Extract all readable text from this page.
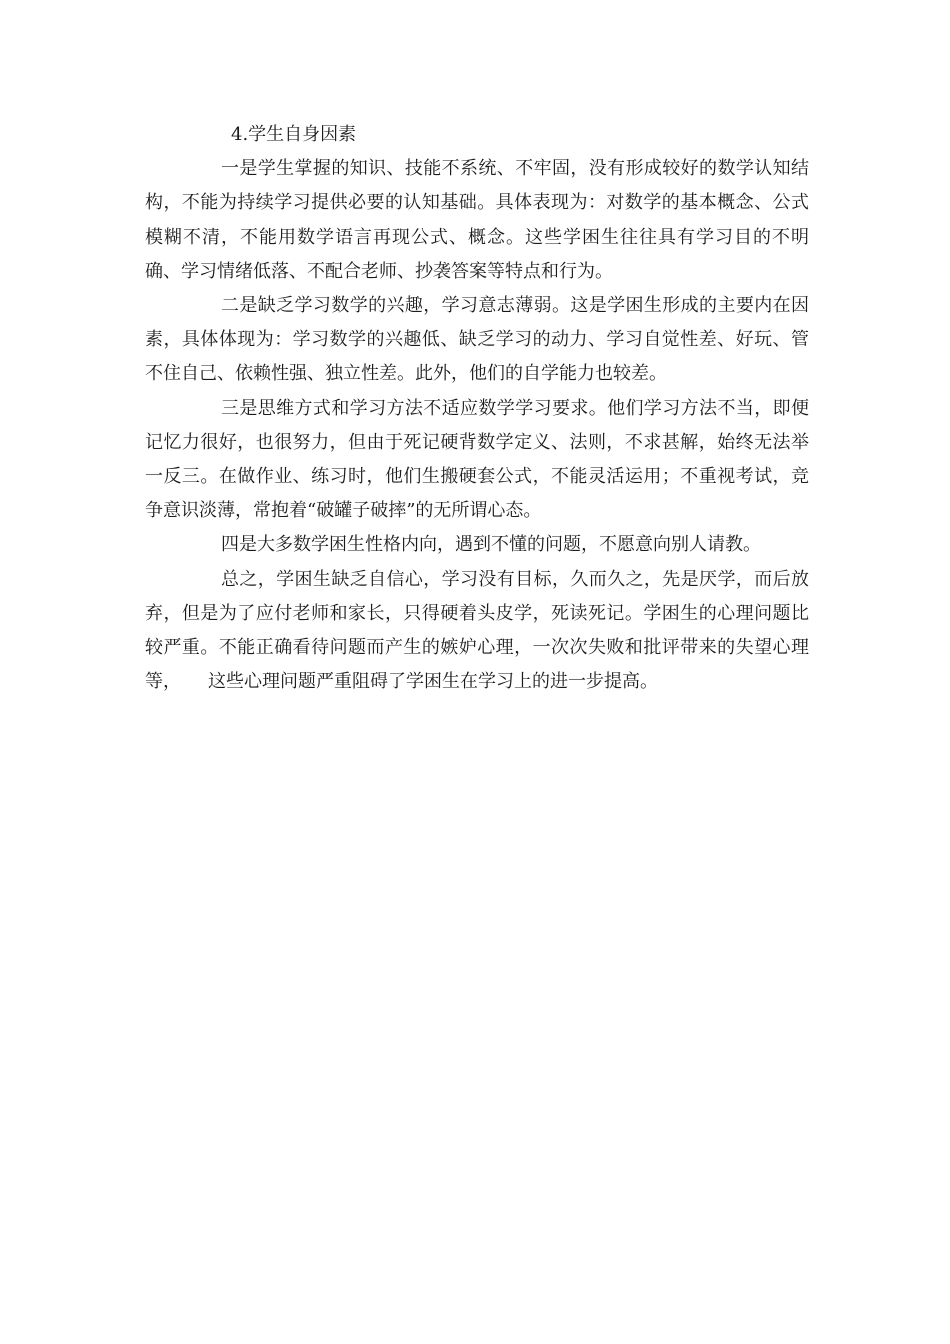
4.学生自身因素

一是学生掌握的知识、技能不系统、不牢固，没有形成较好的数学认知结构，不能为持续学习提供必要的认知基础。具体表现为：对数学的基本概念、公式模糊不清，不能用数学语言再现公式、概念。这些学困生往往具有学习目的不明确、学习情绪低落、不配合老师、抄袭答案等特点和行为。

二是缺乏学习数学的兴趣，学习意志薄弱。这是学困生形成的主要内在因素，具体体现为：学习数学的兴趣低、缺乏学习的动力、学习自觉性差、好玩、管不住自己、依赖性强、独立性差。此外，他们的自学能力也较差。

三是思维方式和学习方法不适应数学学习要求。他们学习方法不当，即便记忆力很好，也很努力，但由于死记硬背数学定义、法则，不求甚解，始终无法举一反三。在做作业、练习时，他们生搬硬套公式，不能灵活运用；不重视考试，竞争意识淡薄，常抱着“破罐子破摔”的无所谓心态。

四是大多数学困生性格内向，遇到不懂的问题，不愿意向别人请教。

总之，学困生缺乏自信心，学习没有目标，久而久之，先是厌学，而后放弃，但是为了应付老师和家长，只得硬着头皮学，死读死记。学困生的心理问题比较严重。不能正确看待问题而产生的嫉妒心理，一次次失败和批评带来的失望心理等，　　这些心理问题严重阻碍了学困生在学习上的进一步提高。
